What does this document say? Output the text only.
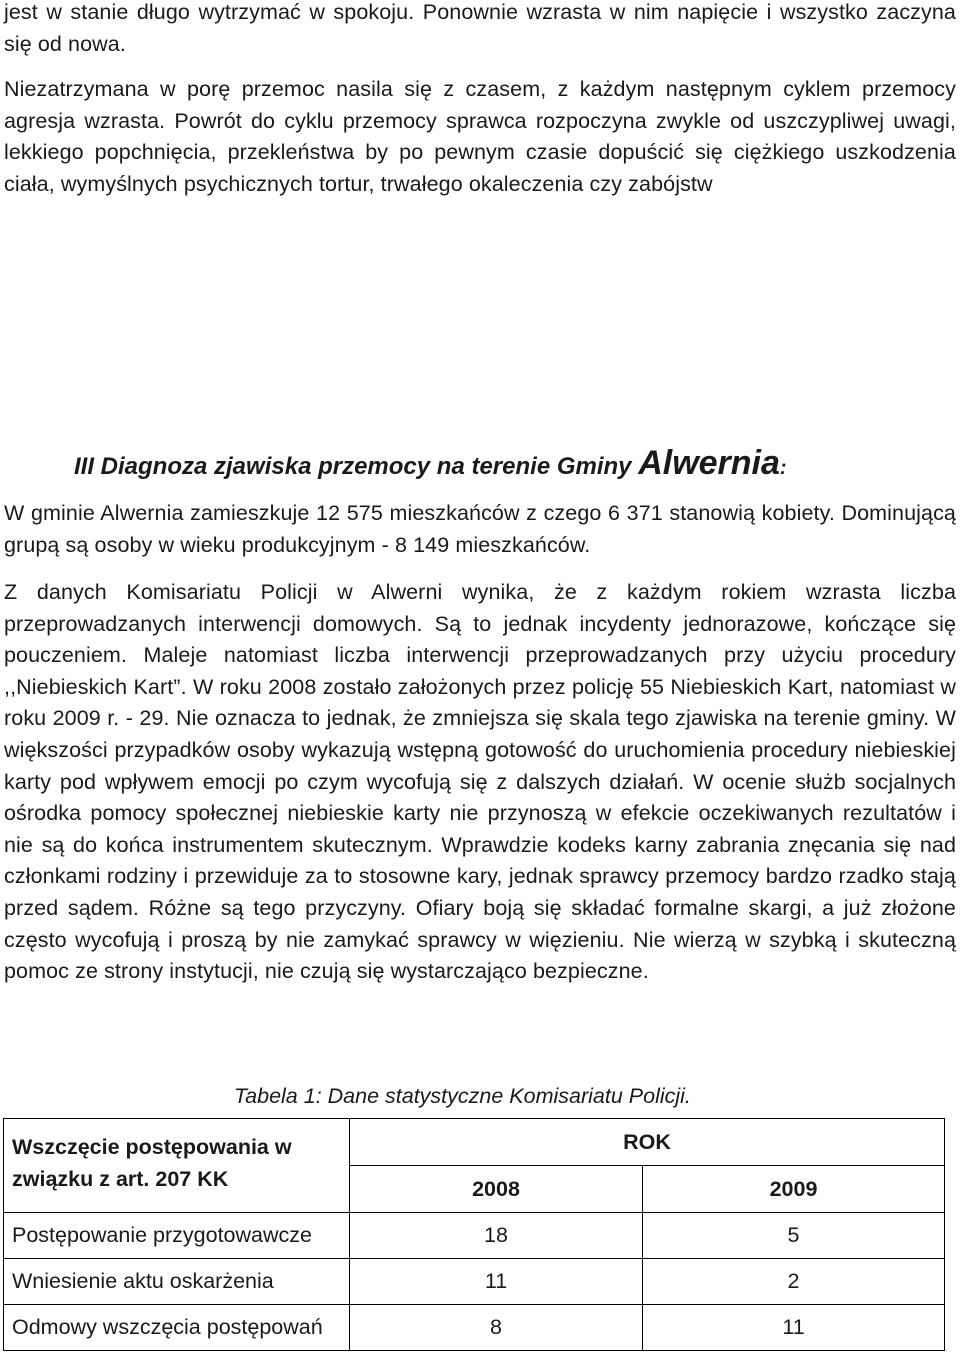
jest w stanie długo wytrzymać w spokoju. Ponownie wzrasta w nim napięcie i wszystko zaczyna się od nowa.

Niezatrzymana w porę przemoc nasila się z czasem, z każdym następnym cyklem przemocy agresja wzrasta. Powrót do cyklu przemocy sprawca rozpoczyna zwykle od uszczypliwej uwagi, lekkiego popchnięcia, przekleństwa by po pewnym czasie dopuścić się ciężkiego uszkodzenia ciała, wymyślnych psychicznych tortur, trwałego okaleczenia czy zabójstw

III Diagnoza zjawiska przemocy na terenie Gminy Alwernia:

W gminie Alwernia zamieszkuje 12 575 mieszkańców z czego 6 371 stanowią kobiety. Dominującą grupą są osoby w wieku produkcyjnym - 8 149 mieszkańców.

Z danych Komisariatu Policji w Alwerni wynika, że z każdym rokiem wzrasta liczba przeprowadzanych interwencji domowych. Są to jednak incydenty jednorazowe, kończące się pouczeniem. Maleje natomiast liczba interwencji przeprowadzanych przy użyciu procedury ,,Niebieskich Kart”. W roku 2008 zostało założonych przez policję 55 Niebieskich Kart, natomiast w roku 2009 r. - 29. Nie oznacza to jednak, że zmniejsza się skala tego zjawiska na terenie gminy. W większości przypadków osoby wykazują wstępną gotowość do uruchomienia procedury niebieskiej karty pod wpływem emocji po czym wycofują się z dalszych działań. W ocenie służb socjalnych ośrodka pomocy społecznej niebieskie karty nie przynoszą w efekcie oczekiwanych rezultatów i nie są do końca instrumentem skutecznym. Wprawdzie kodeks karny zabrania znęcania się nad członkami rodziny i przewiduje za to stosowne kary, jednak sprawcy przemocy bardzo rzadko stają przed sądem. Różne są tego przyczyny. Ofiary boją się składać formalne skargi, a już złożone często wycofują i proszą by nie zamykać sprawcy w więzieniu. Nie wierzą w szybką i skuteczną pomoc ze strony instytucji, nie czują się wystarczająco bezpieczne.

Tabela 1: Dane statystyczne Komisariatu Policji.

Wszczęcie postępowania w związku z art. 207 KK	ROK	
	2008	2009
Postępowanie przygotowawcze	18	5
Wniesienie aktu oskarżenia	11	2
Odmowy wszczęcia postępowań	8	11
